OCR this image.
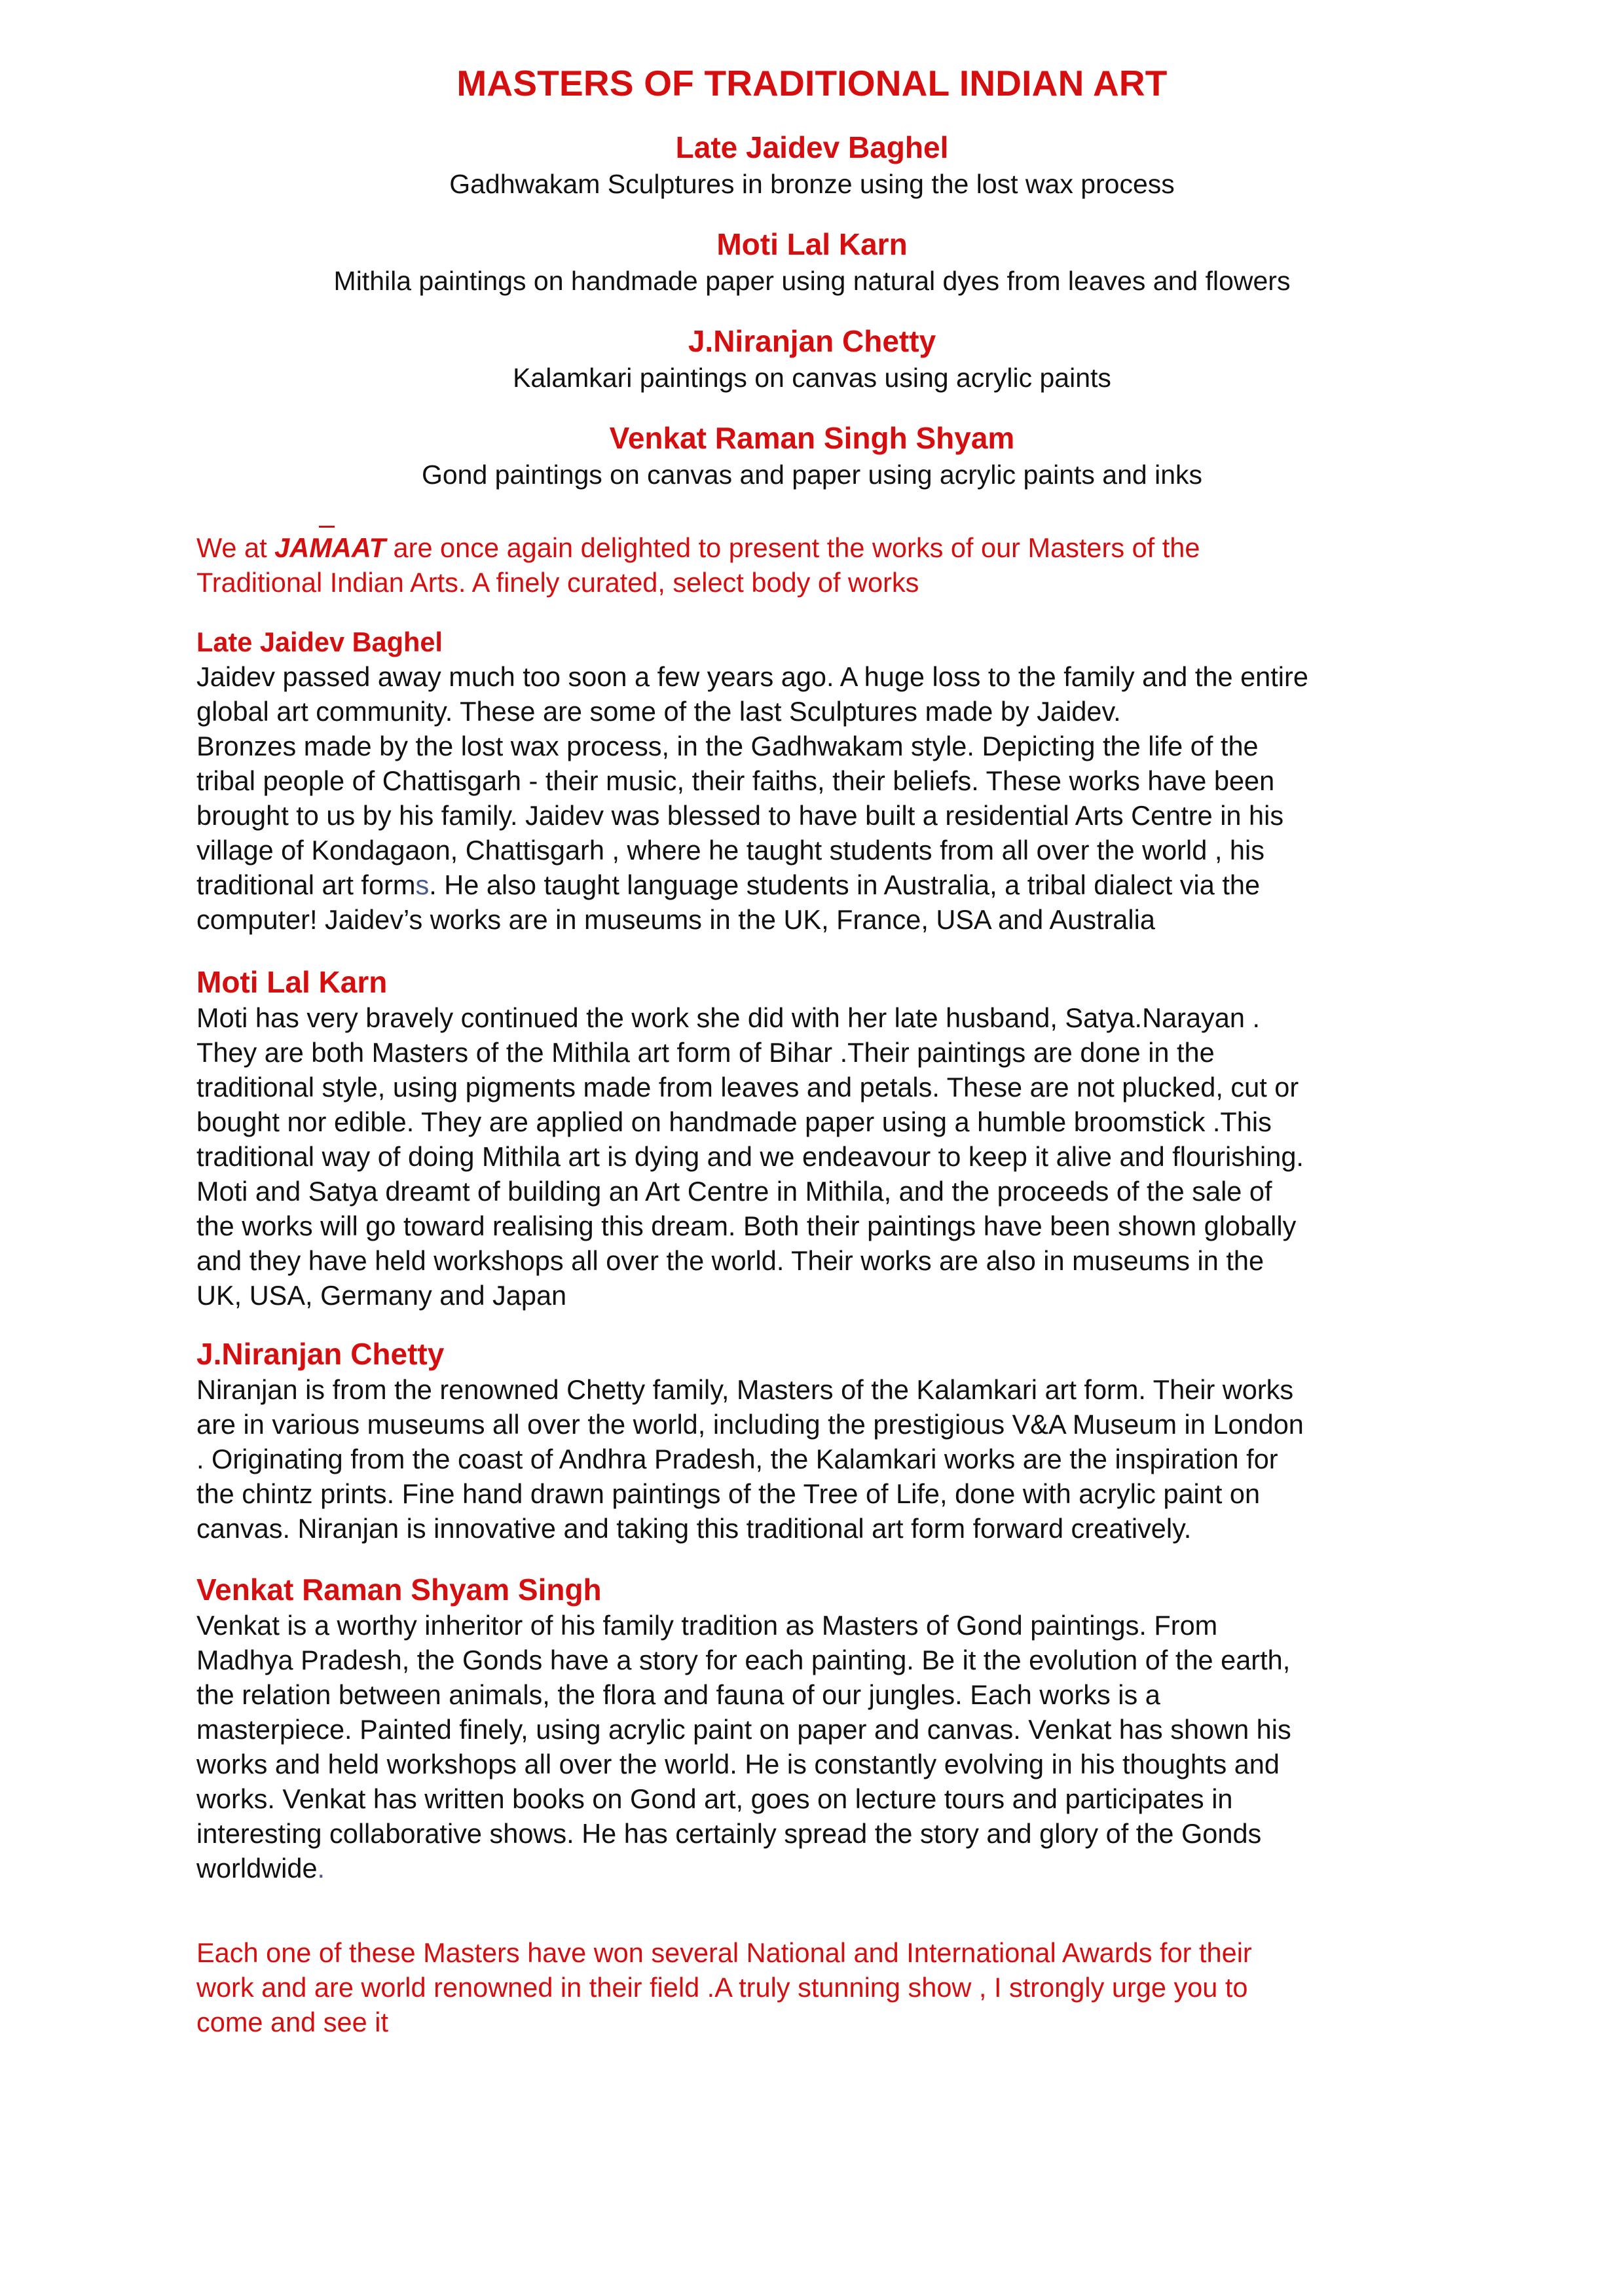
MASTERS OF TRADITIONAL INDIAN ART
Late Jaidev Baghel
Gadhwakam Sculptures in bronze using the lost wax process
Moti Lal Karn
Mithila paintings on handmade paper using natural dyes from leaves and flowers
J.Niranjan Chetty
Kalamkari paintings on canvas using acrylic paints
Venkat Raman Singh Shyam
Gond paintings on canvas and paper using acrylic paints and inks
We at
JAMAAT are once again delighted to present the works of our Masters of the
Traditional Indian Arts. A finely curated, select body of works
Late Jaidev Baghel
Jaidev passed away much too soon a few years ago. A huge loss to the family and the entire
global art community. These are some of the last Sculptures made by Jaidev.
Bronzes made by the lost wax process, in the Gadhwakam style. Depicting the life of the
tribal people of Chattisgarh - their music, their faiths, their beliefs. These works have been
brought to us by his family. Jaidev was blessed to have built a residential Arts Centre in his
village of Kondagaon, Chattisgarh , where he taught students from all over the world , his
traditional art forms. He also taught language students in Australia, a tribal dialect via the
computer! Jaidev’s works are in museums in the UK, France, USA and Australia
Moti Lal Karn
Moti has very bravely continued the work she did with her late husband, Satya.Narayan .
They are both Masters of the Mithila art form of Bihar .Their paintings are done in the
traditional style, using pigments made from leaves and petals. These are not plucked, cut or
bought nor edible. They are applied on handmade paper using a humble broomstick .This
traditional way of doing Mithila art is dying and we endeavour to keep it alive and flourishing.
Moti and Satya dreamt of building an Art Centre in Mithila, and the proceeds of the sale of
the works will go toward realising this dream. Both their paintings have been shown globally
and they have held workshops all over the world. Their works are also in museums in the
UK, USA, Germany and Japan
J.Niranjan Chetty
Niranjan is from the renowned Chetty family, Masters of the Kalamkari art form. Their works
are in various museums all over the world, including the prestigious V&A Museum in London
. Originating from the coast of Andhra Pradesh, the Kalamkari works are the inspiration for
the chintz prints. Fine hand drawn paintings of the Tree of Life, done with acrylic paint on
canvas. Niranjan is innovative and taking this traditional art form forward creatively.
Venkat Raman Shyam Singh
Venkat is a worthy inheritor of his family tradition as Masters of Gond paintings. From
Madhya Pradesh, the Gonds have a story for each painting. Be it the evolution of the earth,
the relation between animals, the flora and fauna of our jungles. Each works is a
masterpiece. Painted finely, using acrylic paint on paper and canvas. Venkat has shown his
works and held workshops all over the world. He is constantly evolving in his thoughts and
works. Venkat has written books on Gond art, goes on lecture tours and participates in
interesting collaborative shows. He has certainly spread the story and glory of the Gonds
worldwide.
Each one of these Masters have won several National and International Awards for their
work and are world renowned in their field .A truly stunning show , I strongly urge you to
come and see it
